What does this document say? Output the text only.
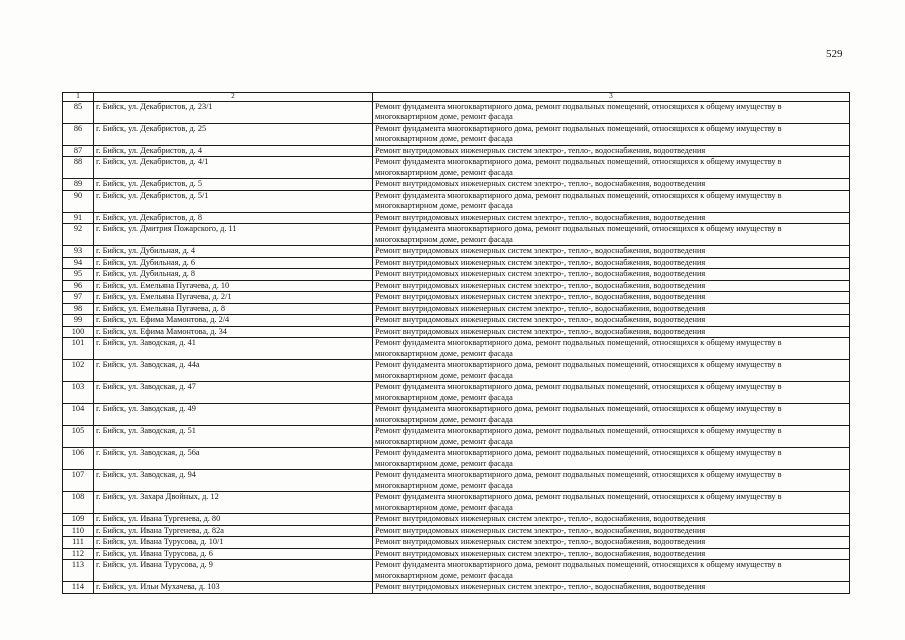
529
1	2	3
85	г. Бийск, ул. Декабристов, д. 23/1	Ремонт фундамента многоквартирного дома, ремонт подвальных помещений, относящихся к общему имуществу в многоквартирном доме, ремонт фасада
86	г. Бийск, ул. Декабристов, д. 25	Ремонт фундамента многоквартирного дома, ремонт подвальных помещений, относящихся к общему имуществу в многоквартирном доме, ремонт фасада
87	г. Бийск, ул. Декабристов, д. 4	Ремонт внутридомовых инженерных систем электро-, тепло-, водоснабжения, водоотведения
88	г. Бийск, ул. Декабристов, д. 4/1	Ремонт фундамента многоквартирного дома, ремонт подвальных помещений, относящихся к общему имуществу в многоквартирном доме, ремонт фасада
89	г. Бийск, ул. Декабристов, д. 5	Ремонт внутридомовых инженерных систем электро-, тепло-, водоснабжения, водоотведения
90	г. Бийск, ул. Декабристов, д. 5/1	Ремонт фундамента многоквартирного дома, ремонт подвальных помещений, относящихся к общему имуществу в многоквартирном доме, ремонт фасада
91	г. Бийск, ул. Декабристов, д. 8	Ремонт внутридомовых инженерных систем электро-, тепло-, водоснабжения, водоотведения
92	г. Бийск, ул. Дмитрия Пожарского, д. 11	Ремонт фундамента многоквартирного дома, ремонт подвальных помещений, относящихся к общему имуществу в многоквартирном доме, ремонт фасада
93	г. Бийск, ул. Дубильная, д. 4	Ремонт внутридомовых инженерных систем электро-, тепло-, водоснабжения, водоотведения
94	г. Бийск, ул. Дубильная, д. 6	Ремонт внутридомовых инженерных систем электро-, тепло-, водоснабжения, водоотведения
95	г. Бийск, ул. Дубильная, д. 8	Ремонт внутридомовых инженерных систем электро-, тепло-, водоснабжения, водоотведения
96	г. Бийск, ул. Емельяна Пугачева, д. 10	Ремонт внутридомовых инженерных систем электро-, тепло-, водоснабжения, водоотведения
97	г. Бийск, ул. Емельяна Пугачева, д. 2/1	Ремонт внутридомовых инженерных систем электро-, тепло-, водоснабжения, водоотведения
98	г. Бийск, ул. Емельяна Пугачева, д. 8	Ремонт внутридомовых инженерных систем электро-, тепло-, водоснабжения, водоотведения
99	г. Бийск, ул. Ефима Мамонтова, д. 2/4	Ремонт внутридомовых инженерных систем электро-, тепло-, водоснабжения, водоотведения
100	г. Бийск, ул. Ефима Мамонтова, д. 34	Ремонт внутридомовых инженерных систем электро-, тепло-, водоснабжения, водоотведения
101	г. Бийск, ул. Заводская, д. 41	Ремонт фундамента многоквартирного дома, ремонт подвальных помещений, относящихся к общему имуществу в многоквартирном доме, ремонт фасада
102	г. Бийск, ул. Заводская, д. 44а	Ремонт фундамента многоквартирного дома, ремонт подвальных помещений, относящихся к общему имуществу в многоквартирном доме, ремонт фасада
103	г. Бийск, ул. Заводская, д. 47	Ремонт фундамента многоквартирного дома, ремонт подвальных помещений, относящихся к общему имуществу в многоквартирном доме, ремонт фасада
104	г. Бийск, ул. Заводская, д. 49	Ремонт фундамента многоквартирного дома, ремонт подвальных помещений, относящихся к общему имуществу в многоквартирном доме, ремонт фасада
105	г. Бийск, ул. Заводская, д. 51	Ремонт фундамента многоквартирного дома, ремонт подвальных помещений, относящихся к общему имуществу в многоквартирном доме, ремонт фасада
106	г. Бийск, ул. Заводская, д. 56а	Ремонт фундамента многоквартирного дома, ремонт подвальных помещений, относящихся к общему имуществу в многоквартирном доме, ремонт фасада
107	г. Бийск, ул. Заводская, д. 94	Ремонт фундамента многоквартирного дома, ремонт подвальных помещений, относящихся к общему имуществу в многоквартирном доме, ремонт фасада
108	г. Бийск, ул. Захара Двойных, д. 12	Ремонт фундамента многоквартирного дома, ремонт подвальных помещений, относящихся к общему имуществу в многоквартирном доме, ремонт фасада
109	г. Бийск, ул. Ивана Тургенева, д. 80	Ремонт внутридомовых инженерных систем электро-, тепло-, водоснабжения, водоотведения
110	г. Бийск, ул. Ивана Тургенева, д. 82а	Ремонт внутридомовых инженерных систем электро-, тепло-, водоснабжения, водоотведения
111	г. Бийск, ул. Ивана Турусова, д. 10/1	Ремонт внутридомовых инженерных систем электро-, тепло-, водоснабжения, водоотведения
112	г. Бийск, ул. Ивана Турусова, д. 6	Ремонт внутридомовых инженерных систем электро-, тепло-, водоснабжения, водоотведения
113	г. Бийск, ул. Ивана Турусова, д. 9	Ремонт фундамента многоквартирного дома, ремонт подвальных помещений, относящихся к общему имуществу в многоквартирном доме, ремонт фасада
114	г. Бийск, ул. Ильи Мухачева, д. 103	Ремонт внутридомовых инженерных систем электро-, тепло-, водоснабжения, водоотведения
